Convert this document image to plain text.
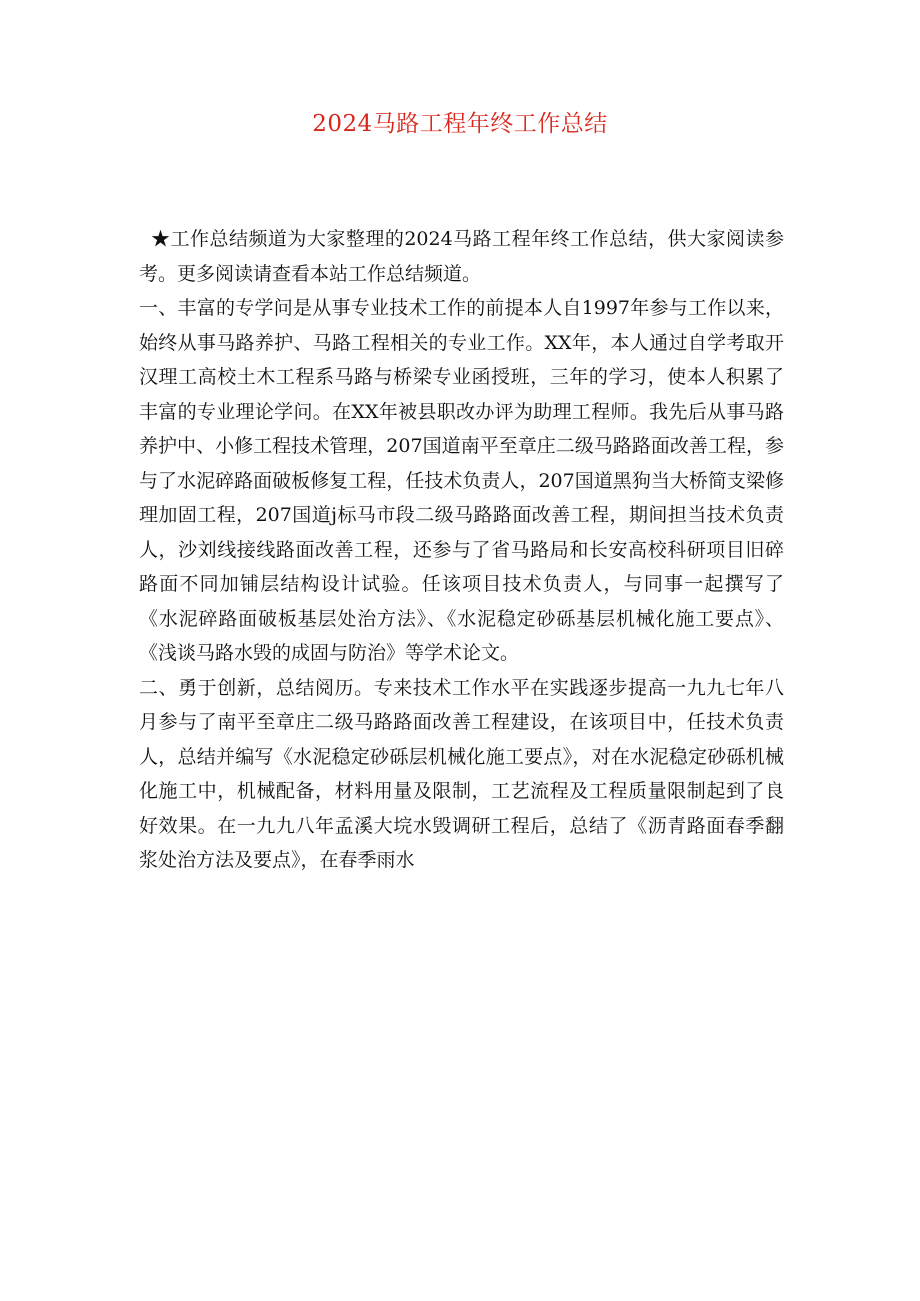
2024马路工程年终工作总结

★工作总结频道为大家整理的2024马路工程年终工作总结，供大家阅读参考。更多阅读请查看本站工作总结频道。

一、丰富的专学问是从事专业技术工作的前提本人自1997年参与工作以来，始终从事马路养护、马路工程相关的专业工作。XX年，本人通过自学考取开汉理工高校土木工程系马路与桥梁专业函授班，三年的学习，使本人积累了丰富的专业理论学问。在XX年被县职改办评为助理工程师。我先后从事马路养护中、小修工程技术管理，207国道南平至章庄二级马路路面改善工程，参与了水泥碎路面破板修复工程，任技术负责人，207国道黑狗当大桥简支梁修理加固工程，207国道j标马市段二级马路路面改善工程，期间担当技术负责人，沙刘线接线路面改善工程，还参与了省马路局和长安高校科研项目旧碎路面不同加铺层结构设计试验。任该项目技术负责人，与同事一起撰写了《水泥碎路面破板基层处治方法》、《水泥稳定砂砾基层机械化施工要点》、《浅谈马路水毁的成固与防治》等学术论文。

二、勇于创新，总结阅历。专来技术工作水平在实践逐步提高一九九七年八月参与了南平至章庄二级马路路面改善工程建设，在该项目中，任技术负责人，总结并编写《水泥稳定砂砾层机械化施工要点》，对在水泥稳定砂砾机械化施工中，机械配备，材料用量及限制，工艺流程及工程质量限制起到了良好效果。在一九九八年孟溪大垸水毁调研工程后，总结了《沥青路面春季翻浆处治方法及要点》，在春季雨水
